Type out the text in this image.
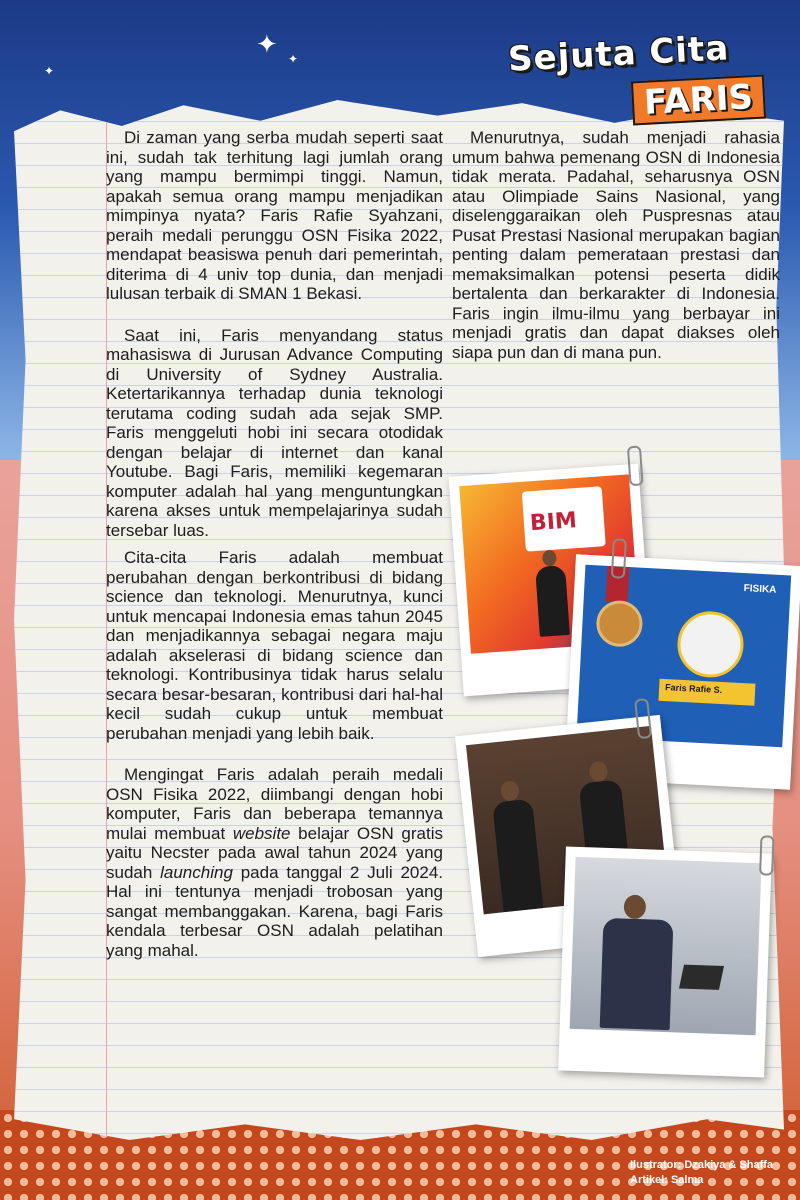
✦ ✦
✦	Sejuta Cita
FARIS

Di zaman yang serba mudah seperti saat ini, sudah tak terhitung lagi jumlah orang yang mampu bermimpi tinggi. Namun, apakah semua orang mampu menjadikan mimpinya nyata? Faris Rafie Syahzani, peraih medali perunggu OSN Fisika 2022, mendapat beasiswa penuh dari pemerintah, diterima di 4 univ top dunia, dan menjadi lulusan terbaik di SMAN 1 Bekasi.

Saat ini, Faris menyandang status mahasiswa di Jurusan Advance Computing di University of Sydney Australia. Ketertarikannya terhadap dunia teknologi terutama coding sudah ada sejak SMP. Faris menggeluti hobi ini secara otodidak dengan belajar di internet dan kanal Youtube. Bagi Faris, memiliki kegemaran komputer adalah hal yang menguntungkan karena akses untuk mempelajarinya sudah tersebar luas.

Cita-cita Faris adalah membuat perubahan dengan berkontribusi di bidang science dan teknologi. Menurutnya, kunci untuk mencapai Indonesia emas tahun 2045 dan menjadikannya sebagai negara maju adalah akselerasi di bidang science dan teknologi. Kontribusinya tidak harus selalu secara besar-besaran, kontribusi dari hal-hal kecil sudah cukup untuk membuat perubahan menjadi yang lebih baik.

Mengingat Faris adalah peraih medali OSN Fisika 2022, diimbangi dengan hobi komputer, Faris dan beberapa temannya mulai membuat website belajar OSN gratis yaitu Necster pada awal tahun 2024 yang sudah launching pada tanggal 2 Juli 2024. Hal ini tentunya menjadi trobosan yang sangat membanggakan. Karena, bagi Faris kendala terbesar OSN adalah pelatihan yang mahal.

Menurutnya, sudah menjadi rahasia umum bahwa pemenang OSN di Indonesia tidak merata. Padahal, seharusnya OSN atau Olimpiade Sains Nasional, yang diselenggaraikan oleh Puspresnas atau Pusat Prestasi Nasional merupakan bagian penting dalam pemerataan prestasi dan memaksimalkan potensi peserta didik bertalenta dan berkarakter di Indonesia. Faris ingin ilmu-ilmu yang berbayar ini menjadi gratis dan dapat diakses oleh siapa pun dan di mana pun.

BIM
FISIKA
Faris Rafie S.
Ilustrator: Dzakiya & Shaffa
Artikel: Salma
